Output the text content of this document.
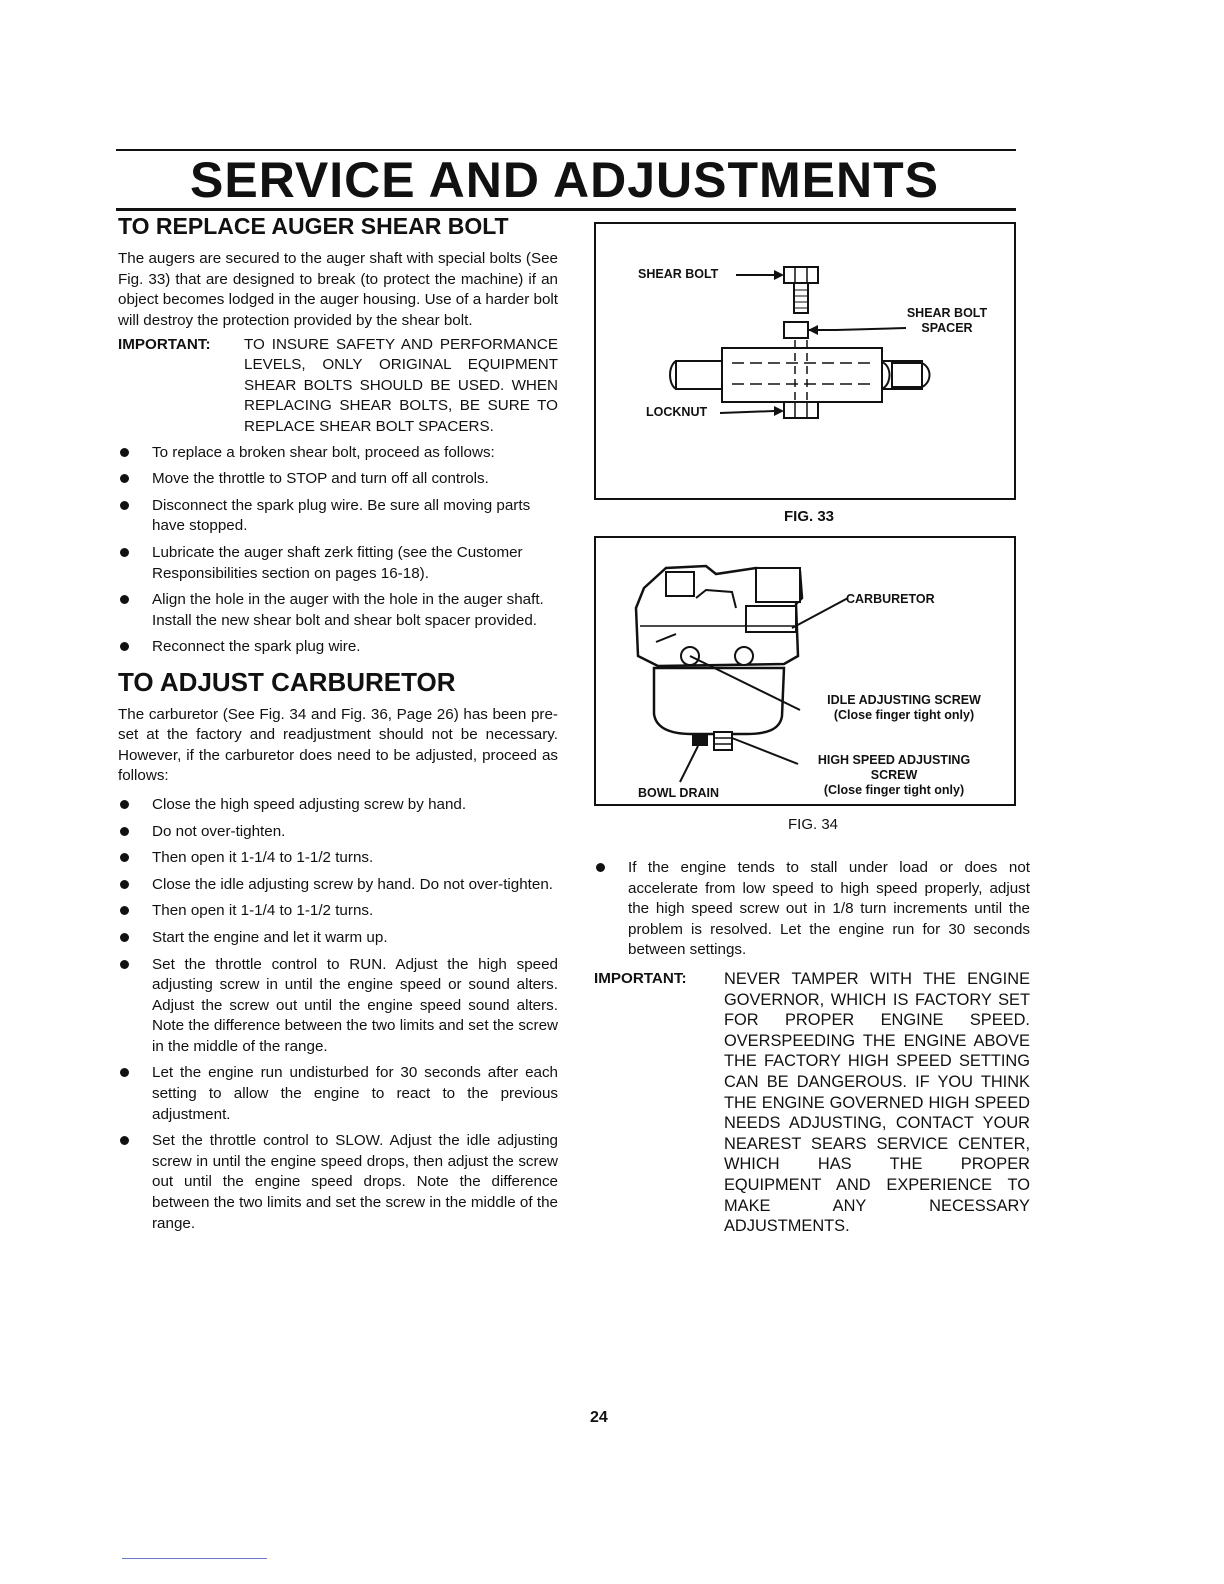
SERVICE AND ADJUSTMENTS
TO REPLACE AUGER SHEAR BOLT

The augers are secured to the auger shaft with special bolts (See Fig. 33) that are designed to break (to protect the machine) if an object becomes lodged in the auger housing. Use of a harder bolt will destroy the protection provided by the shear bolt.

IMPORTANT:	TO INSURE SAFETY AND PERFORMANCE LEVELS, ONLY ORIGINAL EQUIPMENT SHEAR BOLTS SHOULD BE USED. WHEN REPLACING SHEAR BOLTS, BE SURE TO REPLACE SHEAR BOLT SPACERS.
To replace a broken shear bolt, proceed as follows:
Move the throttle to STOP and turn off all controls.
Disconnect the spark plug wire. Be sure all moving parts have stopped.
Lubricate the auger shaft zerk fitting (see the Customer Responsibilities section on pages 16-18).
Align the hole in the auger with the hole in the auger shaft. Install the new shear bolt and shear bolt spacer provided.
Reconnect the spark plug wire.
TO ADJUST CARBURETOR

The carburetor (See Fig. 34 and Fig. 36, Page 26) has been pre-set at the factory and readjustment should not be necessary. However, if the carburetor does need to be adjusted, proceed as follows:

Close the high speed adjusting screw by hand.
Do not over-tighten.
Then open it 1-1/4 to 1-1/2 turns.
Close the idle adjusting screw by hand. Do not over-tighten.
Then open it 1-1/4 to 1-1/2 turns.
Start the engine and let it warm up.
Set the throttle control to RUN. Adjust the high speed adjusting screw in until the engine speed or sound alters. Adjust the screw out until the engine speed sound alters. Note the difference between the two limits and set the screw in the middle of the range.
Let the engine run undisturbed for 30 seconds after each setting to allow the engine to react to the previous adjustment.
Set the throttle control to SLOW. Adjust the idle adjusting screw in until the engine speed drops, then adjust the screw out until the engine speed drops. Note the difference between the two limits and set the screw in the middle of the range.
SHEAR BOLT
SHEAR BOLT
SPACER
LOCKNUT
FIG. 33
CARBURETOR
IDLE ADJUSTING SCREW
(Close finger tight only)
HIGH SPEED ADJUSTING
SCREW
(Close finger tight only)
BOWL DRAIN
FIG. 34
If the engine tends to stall under load or does not accelerate from low speed to high speed properly, adjust the high speed screw out in 1/8 turn increments until the problem is resolved. Let the engine run for 30 seconds between settings.
IMPORTANT:	NEVER TAMPER WITH THE ENGINE GOVERNOR, WHICH IS FACTORY SET FOR PROPER ENGINE SPEED. OVERSPEEDING THE ENGINE ABOVE THE FACTORY HIGH SPEED SETTING CAN BE DANGEROUS. IF YOU THINK THE ENGINE GOVERNED HIGH SPEED NEEDS ADJUSTING, CONTACT YOUR NEAREST SEARS SERVICE CENTER, WHICH HAS THE PROPER EQUIPMENT AND EXPERIENCE TO MAKE ANY NECESSARY ADJUSTMENTS.
24
